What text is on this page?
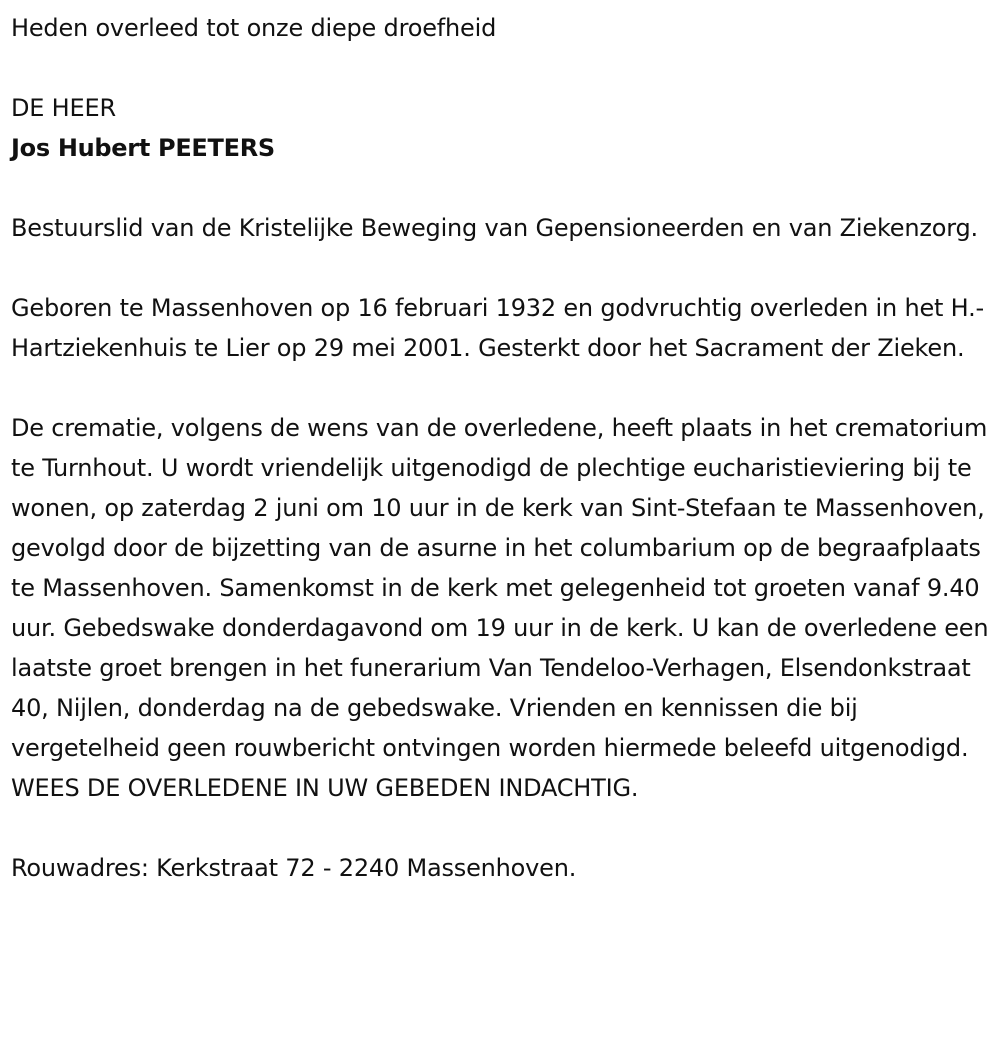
Heden overleed tot onze diepe droefheid

DE HEER

Jos Hubert PEETERS

Bestuurslid van de Kristelijke Beweging van Gepensioneerden en van Ziekenzorg.

Geboren te Massenhoven op 16 februari 1932 en godvruchtig overleden in het H.-Hartziekenhuis te Lier op 29 mei 2001. Gesterkt door het Sacrament der Zieken.

De crematie, volgens de wens van de overledene, heeft plaats in het crematorium te Turnhout. U wordt vriendelijk uitgenodigd de plechtige eucharistieviering bij te wonen, op zaterdag 2 juni om 10 uur in de kerk van Sint-Stefaan te Massenhoven, gevolgd door de bijzetting van de asurne in het columbarium op de begraafplaats te Massenhoven. Samenkomst in de kerk met gelegenheid tot groeten vanaf 9.40 uur. Gebedswake donderdagavond om 19 uur in de kerk. U kan de overledene een laatste groet brengen in het funerarium Van Tendeloo-Verhagen, Elsendonkstraat 40, Nijlen, donderdag na de gebedswake. Vrienden en kennissen die bij vergetelheid geen rouwbericht ontvingen worden hiermede beleefd uitgenodigd. WEES DE OVERLEDENE IN UW GEBEDEN INDACHTIG.

Rouwadres: Kerkstraat 72 - 2240 Massenhoven.
